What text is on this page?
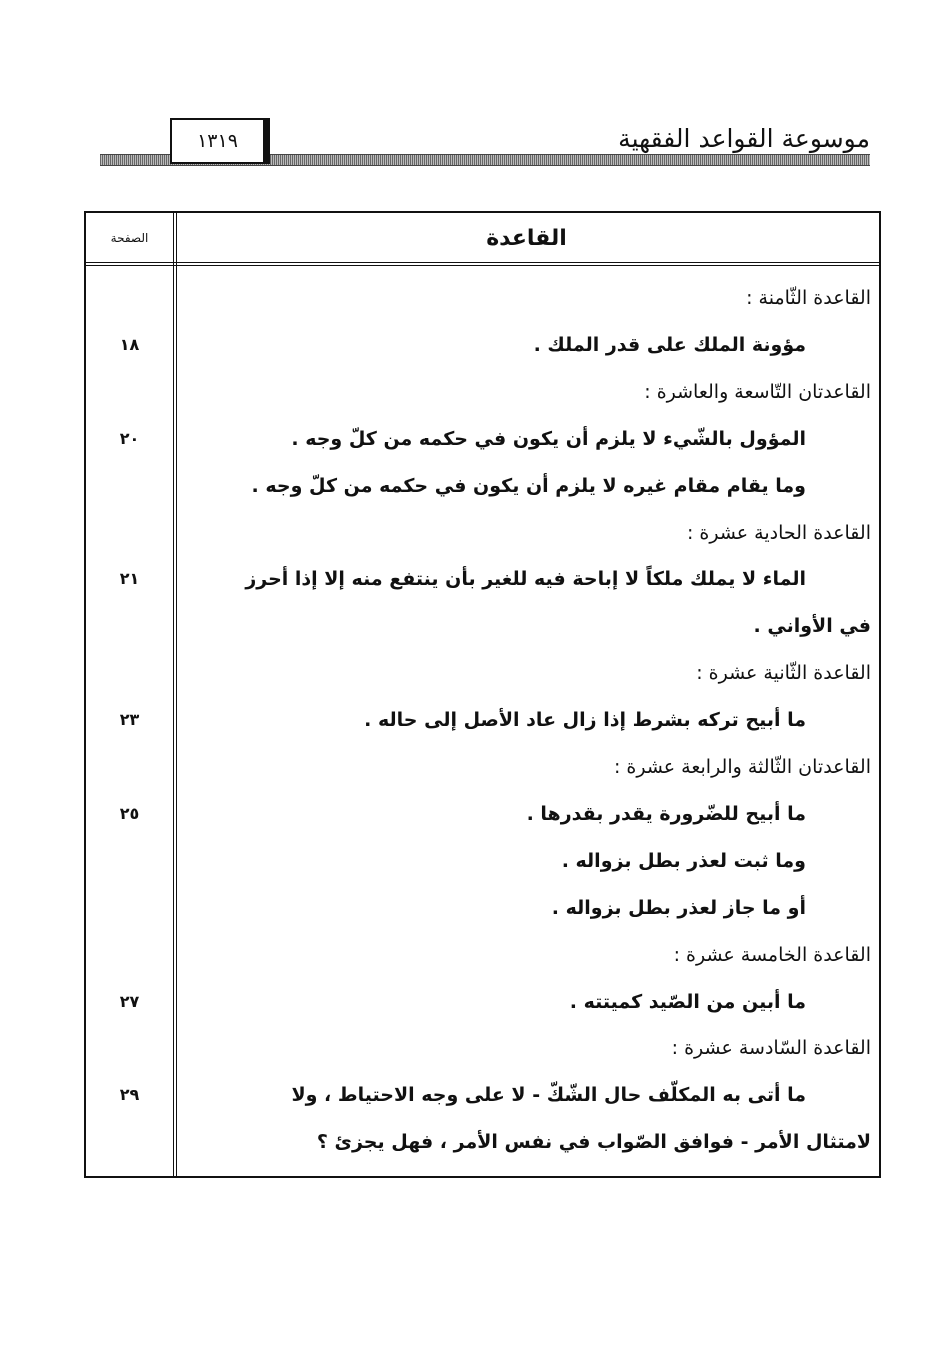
١٣١٩	موسوعة القواعد الفقهية
القاعدة
الصفحة
القاعدة الثّامنة :
مؤونة الملك على قدر الملك .
١٨
القاعدتان التّاسعة والعاشرة :
المؤول بالشّيء لا يلزم أن يكون في حكمه من كلّ وجه .
٢٠
وما يقام مقام غيره لا يلزم أن يكون في حكمه من كلّ وجه .
القاعدة الحادية عشرة :
الماء لا يملك ملكاً لا إباحة فيه للغير بأن ينتفع منه إلا إذا أحرز
٢١
في الأواني .
القاعدة الثّانية عشرة :
ما أبيح تركه بشرط إذا زال عاد الأصل إلى حاله .
٢٣
القاعدتان الثّالثة والرابعة عشرة :
ما أبيح للضّرورة يقدر بقدرها .
٢٥
وما ثبت لعذر بطل بزواله .
أو ما جاز لعذر بطل بزواله .
القاعدة الخامسة عشرة :
ما أبين من الصّيد كميتته .
٢٧
القاعدة السّادسة عشرة :
ما أتى به المكلّف حال الشّكّ - لا على وجه الاحتياط ، ولا
٢٩
لامتثال الأمر - فوافق الصّواب في نفس الأمر ، فهل يجزئ ؟
